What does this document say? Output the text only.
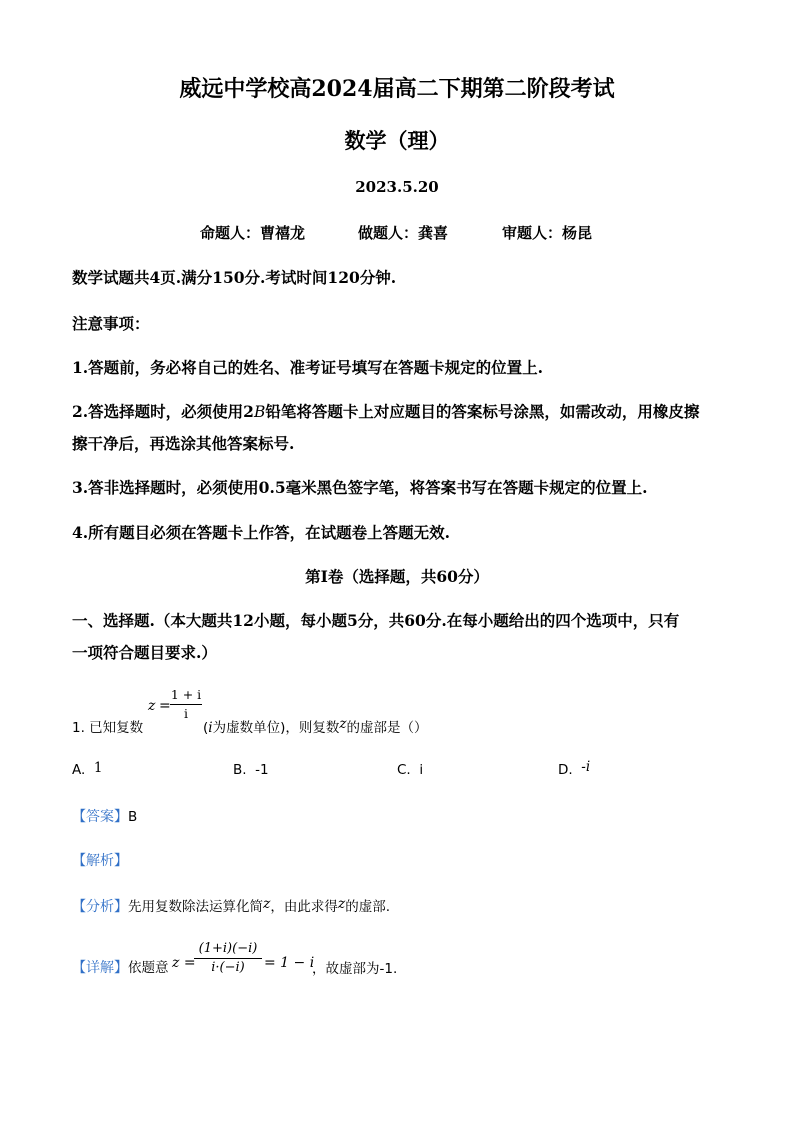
威远中学校高2024届高二下期第二阶段考试
数学（理）
2023.5.20
命题人：曹禧龙	做题人：龚喜	审题人：杨昆
数学试题共4页.满分150分.考试时间120分钟.
注意事项：
1.答题前，务必将自己的姓名、准考证号填写在答题卡规定的位置上.
2.答选择题时，必须使用2B铅笔将答题卡上对应题目的答案标号涂黑，如需改动，用橡皮擦
擦干净后，再选涂其他答案标号.
3.答非选择题时，必须使用0.5毫米黑色签字笔，将答案书写在答题卡规定的位置上.
4.所有题目必须在答题卡上作答，在试题卷上答题无效.
第Ⅰ卷（选择题，共60分）
一、选择题.（本大题共12小题，每小题5分，共60分.在每小题给出的四个选项中，只有
一项符合题目要求.）
1. 已知复数
z =
1 + i
i
(i为虚数单位)，则复数z的虚部是（）
A. 1	B. -1	C. i	D. -i
【答案】B
【解析】
【分析】先用复数除法运算化简z，由此求得z的虚部.
【详解】依题意 z =
(1+i)(−i)
i·(−i)	= 1 − i
，故虚部为-1.
